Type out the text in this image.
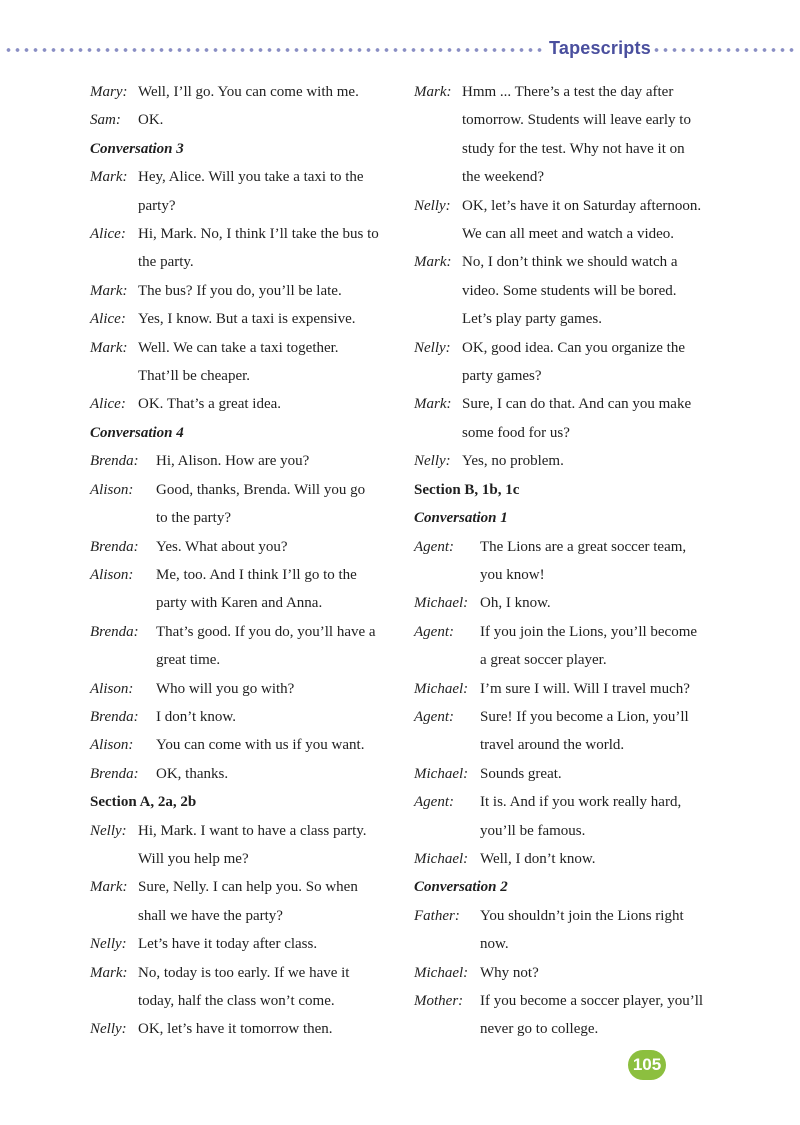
Tapescripts
Mary: Well, I’ll go. You can come with me.
Sam:	OK.
Conversation 3
Mark: Hey, Alice. Will you take a taxi to the
party?
Alice: Hi, Mark. No, I think I’ll take the bus to
the party.
Mark: The bus? If you do, you’ll be late.
Alice: Yes, I know. But a taxi is expensive.
Mark: Well. We can take a taxi together.
That’ll be cheaper.
Alice: OK. That’s a great idea.
Conversation 4
Brenda:	Hi, Alison. How are you?
Alison:	Good, thanks, Brenda. Will you go
to the party?
Brenda:	Yes. What about you?
Alison:	Me, too. And I think I’ll go to the
party with Karen and Anna.
Brenda:	That’s good. If you do, you’ll have a
great time.
Alison:	Who will you go with?
Brenda:	I don’t know.
Alison:	You can come with us if you want.
Brenda:	OK, thanks.
Section A, 2a, 2b
Nelly: Hi, Mark. I want to have a class party.
Will you help me?
Mark: Sure, Nelly. I can help you. So when
shall we have the party?
Nelly: Let’s have it today after class.
Mark: No, today is too early. If we have it
today, half the class won’t come.
Nelly: OK, let’s have it tomorrow then.
Mark: Hmm ... There’s a test the day after
tomorrow. Students will leave early to
study for the test. Why not have it on
the weekend?
Nelly: OK, let’s have it on Saturday afternoon.
We can all meet and watch a video.
Mark: No, I don’t think we should watch a
video. Some students will be bored.
Let’s play party games.
Nelly: OK, good idea. Can you organize the
party games?
Mark: Sure, I can do that. And can you make
some food for us?
Nelly: Yes, no problem.
Section B, 1b, 1c
Conversation 1
Agent:	The Lions are a great soccer team,
you know!
Michael: Oh, I know.
Agent:	If you join the Lions, you’ll become
a great soccer player.
Michael: I’m sure I will. Will I travel much?
Agent:	Sure! If you become a Lion, you’ll
travel around the world.
Michael: Sounds great.
Agent:	It is. And if you work really hard,
you’ll be famous.
Michael: Well, I don’t know.
Conversation 2
Father:	You shouldn’t join the Lions right
now.
Michael: Why not?
Mother:	If you become a soccer player, you’ll
never go to college.
105
